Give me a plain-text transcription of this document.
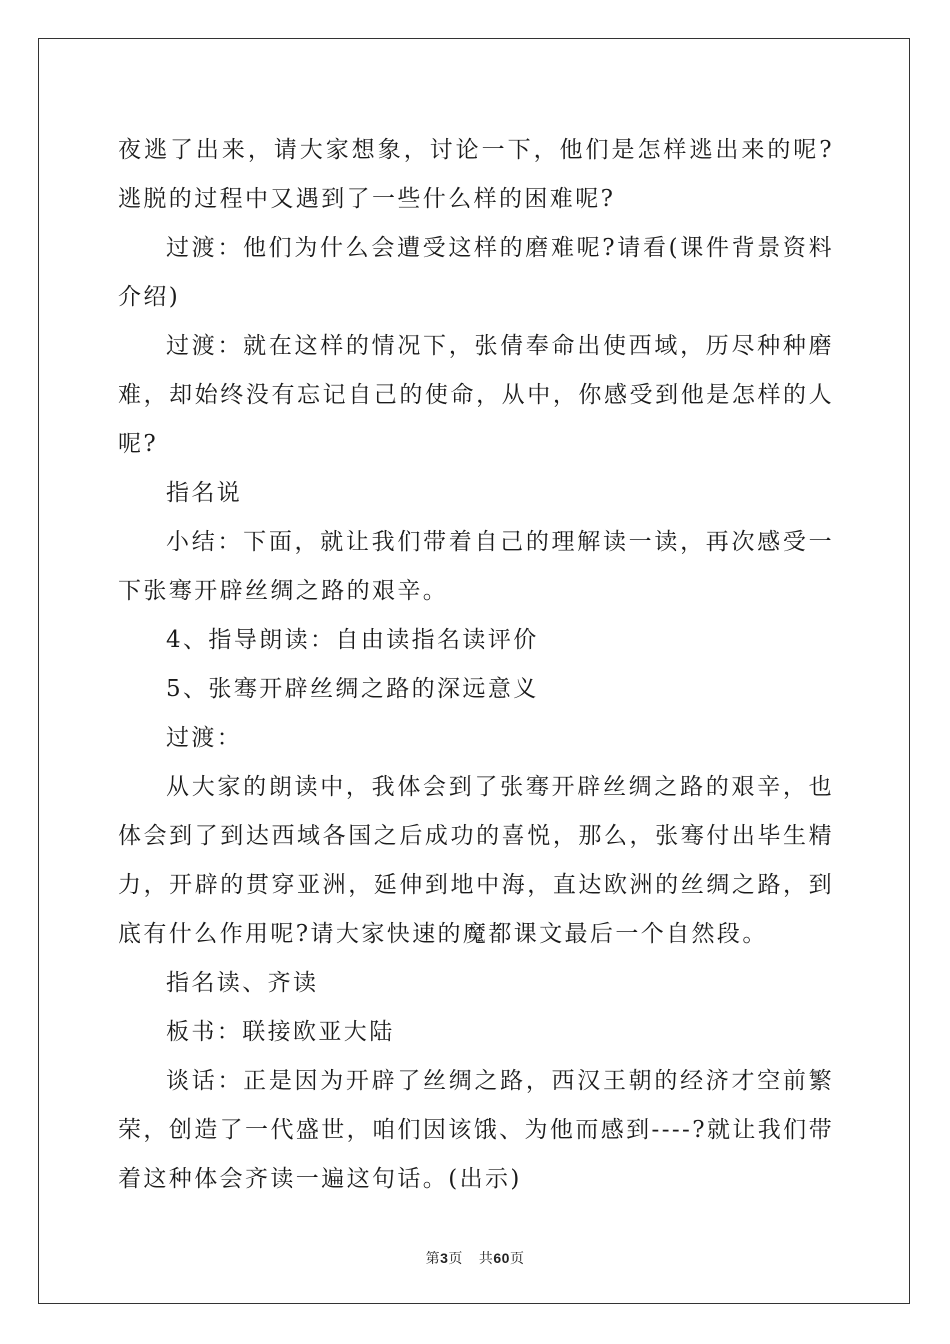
夜逃了出来，请大家想象，讨论一下，他们是怎样逃出来的呢?逃脱的过程中又遇到了一些什么样的困难呢?

过渡：他们为什么会遭受这样的磨难呢?请看(课件背景资料介绍)

过渡：就在这样的情况下，张倩奉命出使西域，历尽种种磨难，却始终没有忘记自己的使命，从中，你感受到他是怎样的人呢?

指名说

小结：下面，就让我们带着自己的理解读一读，再次感受一下张骞开辟丝绸之路的艰辛。

4、指导朗读：自由读指名读评价

5、张骞开辟丝绸之路的深远意义

过渡：

从大家的朗读中，我体会到了张骞开辟丝绸之路的艰辛，也体会到了到达西域各国之后成功的喜悦，那么，张骞付出毕生精力，开辟的贯穿亚洲，延伸到地中海，直达欧洲的丝绸之路，到底有什么作用呢?请大家快速的魔都课文最后一个自然段。

指名读、齐读

板书：联接欧亚大陆

谈话：正是因为开辟了丝绸之路，西汉王朝的经济才空前繁荣，创造了一代盛世，咱们因该饿、为他而感到----?就让我们带着这种体会齐读一遍这句话。(出示)

第3页 共60页
